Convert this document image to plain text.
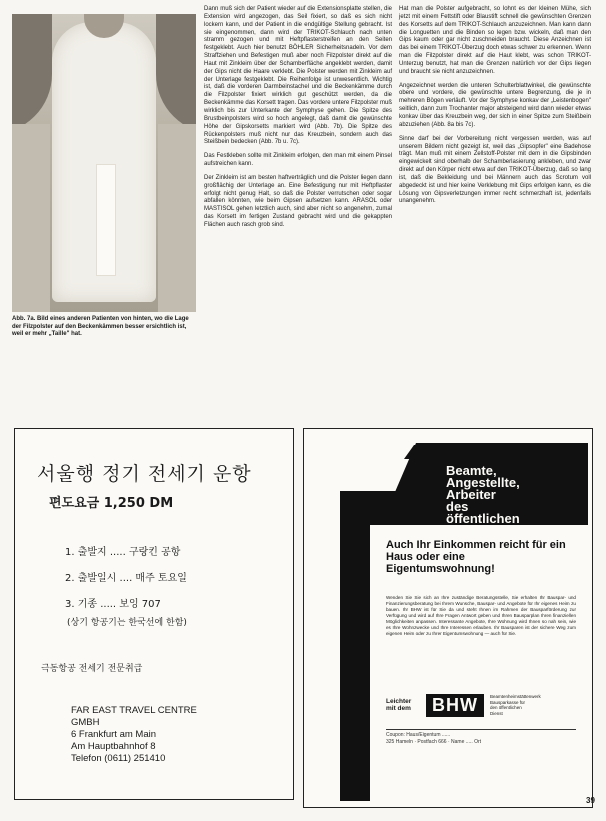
Abb. 7a. Bild eines anderen Patienten von hinten, wo die Lage der Filzpolster auf den Beckenkämmen besser ersichtlich ist, weil er mehr „Taille" hat.

Dann muß sich der Patient wieder auf die Extensionsplatte stellen, die Extension wird angezogen, das Seil fixiert, so daß es sich nicht lockern kann, und der Patient in die endgültige Stellung gebracht. Ist sie eingenommen, dann wird der TRIKOT-Schlauch nach unten stramm gezogen und mit Heftpflasterstreifen an den Seiten festgeklebt. Auch hier benutzt BÖHLER Sicherheitsnadeln. Vor dem Straffziehen und Befestigen muß aber noch Filzpolster direkt auf die Haut mit Zinkleim über der Schamberfläche angeklebt werden, damit der Gips nicht die Haare verklebt. Die Polster werden mit Zinkleim auf der Unterlage festgeklebt. Die Reihenfolge ist unwesentlich. Wichtig ist, daß die vorderen Darmbeinstachel und die Beckenkämme durch die Filzpolster fixiert wirklich gut geschützt werden, da die Beckenkämme das Korsett tragen. Das vordere untere Filzpolster muß wirklich bis zur Unterkante der Symphyse gehen. Die Spitze des Brustbeinpolsters wird so hoch angelegt, daß damit die gewünschte Höhe der Gipskorsetts markiert wird (Abb. 7b). Die Spitze des Rückenpolsters muß nicht nur das Kreuzbein, sondern auch das Steißbein bedecken (Abb. 7b u. 7c).

Das Festkleben sollte mit Zinkleim erfolgen, den man mit einem Pinsel aufstreichen kann.

Der Zinkleim ist am besten haftverträglich und die Polster liegen dann großflächig der Unterlage an. Eine Befestigung nur mit Heftpflaster erfolgt nicht genug Halt, so daß die Polster verrutschen oder sogar abfallen könnten, wie beim Gipsen aufsetzen kann. ARASOL oder MASTISOL gehen letztlich auch, sind aber nicht so angenehm, zumal das Korsett im fertigen Zustand gebracht wird und die gekappten Flächen auch rasch grob sind.

Hat man die Polster aufgebracht, so lohnt es der kleinen Mühe, sich jetzt mit einem Fettstift oder Blaustift schnell die gewünschten Grenzen des Korsetts auf dem TRIKOT-Schlauch anzuzeichnen. Man kann dann die Longuetten und die Binden so legen bzw. wickeln, daß man den Gips kaum oder gar nicht zuschneiden braucht. Diese Anzeichnen ist das bei einem TRIKOT-Überzug doch etwas schwer zu erkennen. Wenn man die Filzpolster direkt auf die Haut klebt, was schon TRIKOT-Unterzug benutzt, hat man die Grenzen natürlich vor der Gips liegen und braucht sie nicht anzuzeichnen.

Angezeichnet werden die unteren Schulterblattwinkel, die gewünschte obere und vordere, die gewünschte untere Begrenzung, die je in mehreren Bögen verläuft. Vor der Symphyse konkav der „Leistenbogen" seitlich, dann zum Trochanter major absteigend wird dann wieder etwas konkav über das Kreuzbein weg, der sich in einer Spitze zum Steißbein abzuziehen (Abb. 8a bis 7c).

Sinne darf bei der Vorbereitung nicht vergessen werden, was auf unserem Bildern nicht gezeigt ist, weil das „Gipsopfer" eine Badehose trägt. Man muß mit einem Zellstoff-Polster mit dem in die Gipsbinden eingewickelt sind oberhalb der Schamberlasierung ankleben, und zwar direkt auf den Körper nicht etwa auf den TRIKOT-Überzug, daß so lang ist, daß die Bekleidung und bei Männern auch das Scrotum voll abgedeckt ist und hier keine Verklebung mit Gips erfolgen kann, es die Lösung von Gipsverletzungen immer recht schmerzhaft ist, jedenfalls unangenehm.

서울행 정기 전세기 운항
편도요금 1,250 DM
1. 출발지 ..... 구랑킨 공항
2. 출발일시 .... 매주 토요일
3. 기종 ..... 보잉 707
(상기 항공기는 한국선에 한함)
극동항공 전세기 전문취급
FAR EAST TRAVEL CENTRE
GMBH
6 Frankfurt am Main
Am Hauptbahnhof 8
Telefon (0611) 251410
Beamte,
Angestellte,
Arbeiter
des
öffentlichen
Dienstes
Auch Ihr Einkommen reicht für ein Haus oder eine Eigentumswohnung!
Wenden Sie Sie sich an Ihre zuständige Beratungsstelle, Sie erhalten Ihr Bauspar- und Finanzierungsberatung bei Ihrem Wunsche, Bauspar- und Angebote für Ihr eigenes Heim zu bauen. Ihr BHW ist für Sie da und steht Ihnen im Rahmen der Bausparförderung zur Verfügung und wird auf Ihre Fragen Antwort geben und Ihren Bausparplan Ihren finanziellen Möglichkeiten anpassen. Interessante Angebote, Ihre Wohnung wird Ihnen so nah sein, wie es Ihre Wohnzwecke und Ihre Interessen erlauben. Ihr Bausparen ist der sichere Weg zum eigenen Heim oder zu Ihrer Eigentumswohnung — auch für Sie.
Leichter mit dem	BHW	Beamtenheimstättenwerk Bausparkasse für den öffentlichen Dienst
Coupon: Haus/Eigentum ......
325 Hameln · Postfach 666 · Name ..... Ort
39
